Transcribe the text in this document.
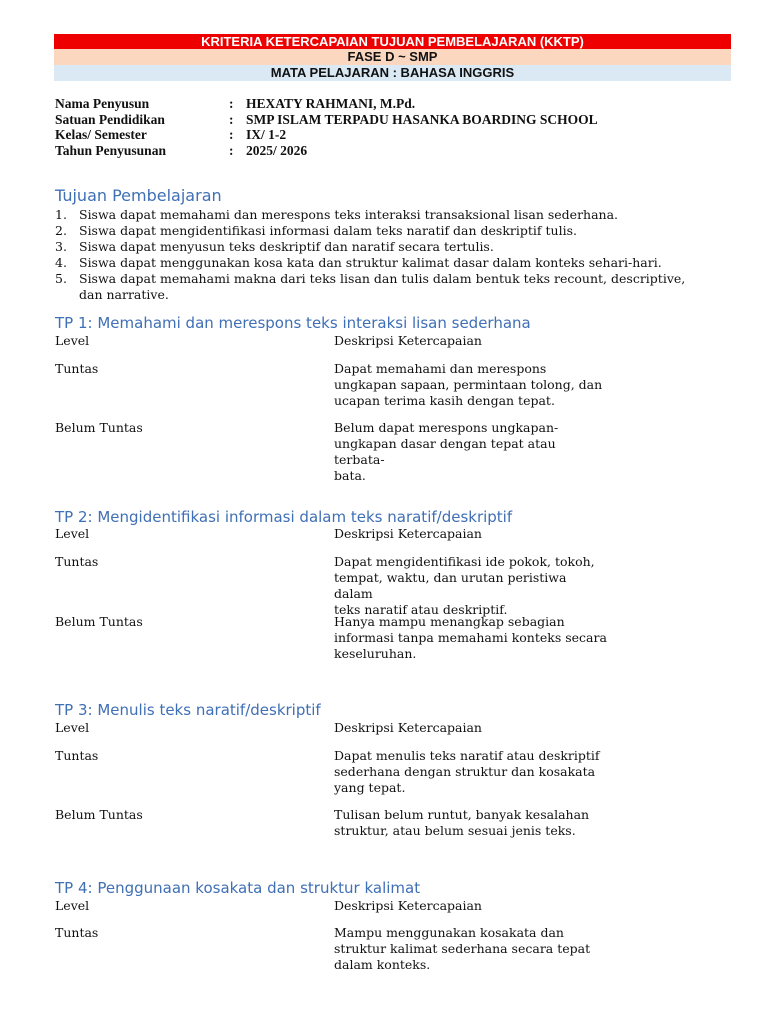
KRITERIA KETERCAPAIAN TUJUAN PEMBELAJARAN (KKTP)
FASE D ~ SMP
MATA PELAJARAN : BAHASA INGGRIS
Nama Penyusun	: HEXATY RAHMANI, M.Pd.
Satuan Pendidikan	: SMP ISLAM TERPADU HASANKA BOARDING SCHOOL
Kelas/ Semester	: IX/ 1-2
Tahun Penyusunan	: 2025/ 2026
Tujuan Pembelajaran
1. Siswa dapat memahami dan merespons teks interaksi transaksional lisan sederhana.
2. Siswa dapat mengidentifikasi informasi dalam teks naratif dan deskriptif tulis.
3. Siswa dapat menyusun teks deskriptif dan naratif secara tertulis.
4. Siswa dapat menggunakan kosa kata dan struktur kalimat dasar dalam konteks sehari-hari.
5. Siswa dapat memahami makna dari teks lisan dan tulis dalam bentuk teks recount, descriptive, dan narrative.
TP 1: Memahami dan merespons teks interaksi lisan sederhana

Level	Deskripsi Ketercapaian

Tuntas	Dapat memahami dan merespons
ungkapan sapaan, permintaan tolong, dan
ucapan terima kasih dengan tepat.

Belum Tuntas	Belum dapat merespons ungkapan-
ungkapan dasar dengan tepat atau terbata-
bata.

TP 2: Mengidentifikasi informasi dalam teks naratif/deskriptif

Level	Deskripsi Ketercapaian

Tuntas	Dapat mengidentifikasi ide pokok, tokoh,
tempat, waktu, dan urutan peristiwa dalam
teks naratif atau deskriptif.

Belum Tuntas	Hanya mampu menangkap sebagian
informasi tanpa memahami konteks secara
keseluruhan.

TP 3: Menulis teks naratif/deskriptif

Level	Deskripsi Ketercapaian

Tuntas	Dapat menulis teks naratif atau deskriptif
sederhana dengan struktur dan kosakata
yang tepat.

Belum Tuntas	Tulisan belum runtut, banyak kesalahan
struktur, atau belum sesuai jenis teks.

TP 4: Penggunaan kosakata dan struktur kalimat

Level	Deskripsi Ketercapaian

Tuntas	Mampu menggunakan kosakata dan
struktur kalimat sederhana secara tepat
dalam konteks.
